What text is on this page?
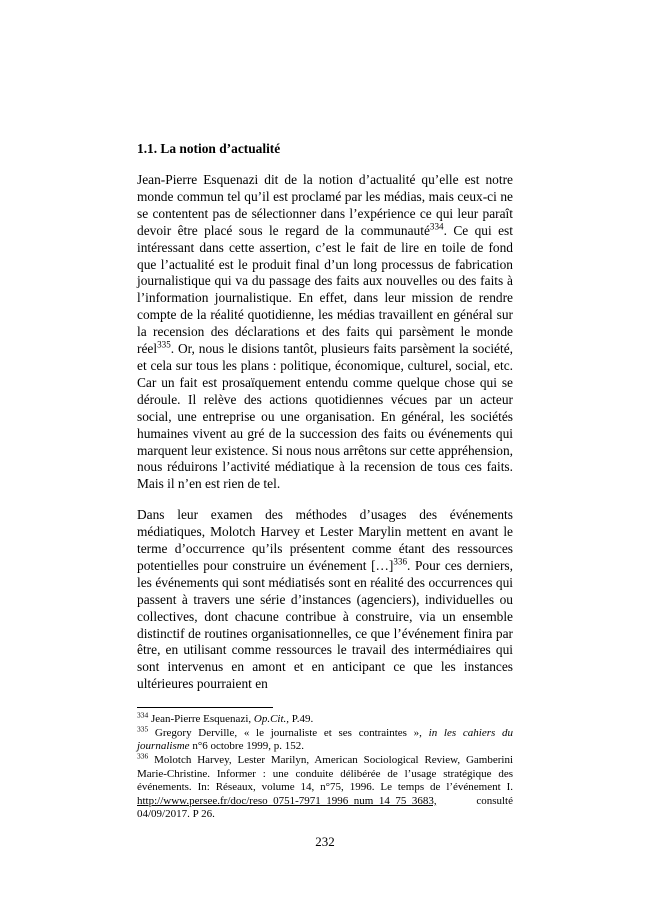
1.1. La notion d’actualité

Jean-Pierre Esquenazi dit de la notion d’actualité qu’elle est notre monde commun tel qu’il est proclamé par les médias, mais ceux-ci ne se contentent pas de sélectionner dans l’expérience ce qui leur paraît devoir être placé sous le regard de la communauté$^{334}$. Ce qui est intéressant dans cette assertion, c’est le fait de lire en toile de fond que l’actualité est le produit final d’un long processus de fabrication journalistique qui va du passage des faits aux nouvelles ou des faits à l’information journalistique. En effet, dans leur mission de rendre compte de la réalité quotidienne, les médias travaillent en général sur la recension des déclarations et des faits qui parsèment le monde réel$^{335}$. Or, nous le disions tantôt, plusieurs faits parsèment la société, et cela sur tous les plans : politique, économique, culturel, social, etc. Car un fait est prosaïquement entendu comme quelque chose qui se déroule. Il relève des actions quotidiennes vécues par un acteur social, une entreprise ou une organisation. En général, les sociétés humaines vivent au gré de la succession des faits ou événements qui marquent leur existence. Si nous nous arrêtons sur cette appréhension, nous réduirons l’activité médiatique à la recension de tous ces faits. Mais il n’en est rien de tel.

Dans leur examen des méthodes d’usages des événements médiatiques, Molotch Harvey et Lester Marylin mettent en avant le terme d’occurrence qu’ils présentent comme étant des ressources potentielles pour construire un événement […]$^{336}$. Pour ces derniers, les événements qui sont médiatisés sont en réalité des occurrences qui passent à travers une série d’instances (agenciers), individuelles ou collectives, dont chacune contribue à construire, via un ensemble distinctif de routines organisationnelles, ce que l’événement finira par être, en utilisant comme ressources le travail des intermédiaires qui sont intervenus en amont et en anticipant ce que les instances ultérieures pourraient en

$^{334}$ Jean-Pierre Esquenazi, Op.Cit., P.49.

$^{335}$ Gregory Derville, « le journaliste et ses contraintes », in les cahiers du journalisme n°6 octobre 1999, p. 152.

$^{336}$ Molotch Harvey, Lester Marilyn, American Sociological Review, Gamberini Marie-Christine. Informer : une conduite délibérée de l’usage stratégique des événements. In: Réseaux, volume 14, n°75, 1996. Le temps de l’événement I. http://www.persee.fr/doc/reso_0751-7971_1996_num_14_75_3683, consulté 04/09/2017. P 26.

232
